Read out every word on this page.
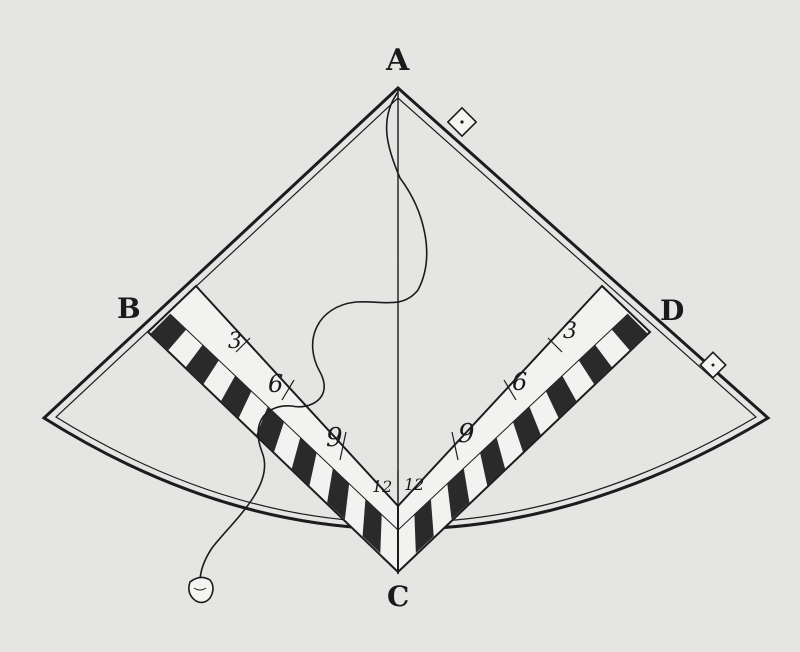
3
6
9
12
3
6
9
12
A
B	D
C
